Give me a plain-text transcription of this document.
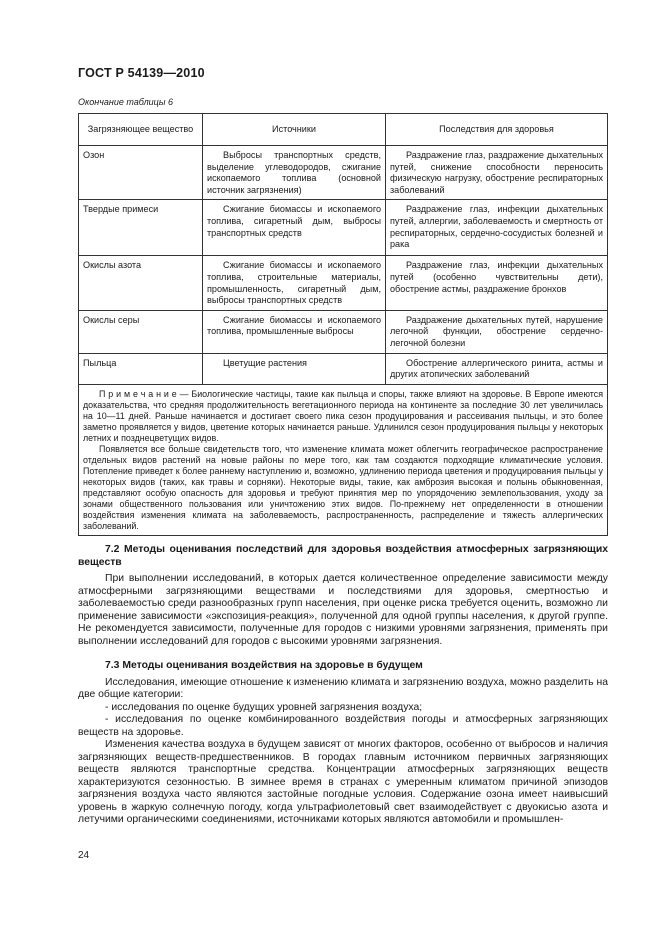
ГОСТ Р 54139—2010
Окончание таблицы 6
Загрязняющее вещество	Источники	Последствия для здоровья
Озон	Выбросы транспортных средств, выделение углеводородов, сжигание ископаемого топлива (основной источник загрязнения)	Раздражение глаз, раздражение дыхательных путей, снижение способности переносить физическую нагрузку, обострение респираторных заболеваний
Твердые примеси	Сжигание биомассы и ископаемого топлива, сигаретный дым, выбросы транспортных средств	Раздражение глаз, инфекции дыхательных путей, аллергии, заболеваемость и смертность от респираторных, сердечно-сосудистых болезней и рака
Окислы азота	Сжигание биомассы и ископаемого топлива, строительные материалы, промышленность, сигаретный дым, выбросы транспортных средств	Раздражение глаз, инфекции дыхательных путей (особенно чувствительны дети), обострение астмы, раздражение бронхов
Окислы серы	Сжигание биомассы и ископаемого топлива, промышленные выбросы	Раздражение дыхательных путей, нарушение легочной функции, обострение сердечно-легочной болезни
Пыльца	Цветущие растения	Обострение аллергического ринита, астмы и других атопических заболеваний

П р и м е ч а н и е — Биологические частицы, такие как пыльца и споры, также влияют на здоровье. В Европе имеются доказательства, что средняя продолжительность вегетационного периода на континенте за последние 30 лет увеличилась на 10—11 дней. Раньше начинается и достигает своего пика сезон продуцирования и рассеивания пыльцы, и это более заметно проявляется у видов, цветение которых начинается раньше. Удлинился сезон продуцирования пыльцы у некоторых летних и позднецветущих видов.

Появляется все больше свидетельств того, что изменение климата может облегчить географическое распространение отдельных видов растений на новые районы по мере того, как там создаются подходящие климатические условия. Потепление приведет к более раннему наступлению и, возможно, удлинению периода цветения и продуцирования пыльцы у некоторых видов (таких, как травы и сорняки). Некоторые виды, такие, как амброзия высокая и полынь обыкновенная, представляют особую опасность для здоровья и требуют принятия мер по упорядочению землепользования, уходу за зонами общественного пользования или уничтожению этих видов. По-прежнему нет определенности в отношении воздействия изменения климата на заболеваемость, распространенность, распределение и тяжесть аллергических заболеваний.		

7.2 Методы оценивания последствий для здоровья воздействия атмосферных загрязняющих веществ

При выполнении исследований, в которых дается количественное определение зависимости между атмосферными загрязняющими веществами и последствиями для здоровья, смертностью и заболеваемостью среди разнообразных групп населения, при оценке риска требуется оценить, возможно ли применение зависимости «экспозиция-реакция», полученной для одной группы населения, к другой группе. Не рекомендуется зависимости, полученные для городов с низкими уровнями загрязнения, применять при выполнении исследований для городов с высокими уровнями загрязнения.

7.3 Методы оценивания воздействия на здоровье в будущем

Исследования, имеющие отношение к изменению климата и загрязнению воздуха, можно разделить на две общие категории:

- исследования по оценке будущих уровней загрязнения воздуха;

- исследования по оценке комбинированного воздействия погоды и атмосферных загрязняющих веществ на здоровье.

Изменения качества воздуха в будущем зависят от многих факторов, особенно от выбросов и наличия загрязняющих веществ-предшественников. В городах главным источником первичных загрязняющих веществ являются транспортные средства. Концентрации атмосферных загрязняющих веществ характеризуются сезонностью. В зимнее время в странах с умеренным климатом причиной эпизодов загрязнения воздуха часто являются застойные погодные условия. Содержание озона имеет наивысший уровень в жаркую солнечную погоду, когда ультрафиолетовый свет взаимодействует с двуокисью азота и летучими органическими соединениями, источниками которых являются автомобили и промышлен-

24
